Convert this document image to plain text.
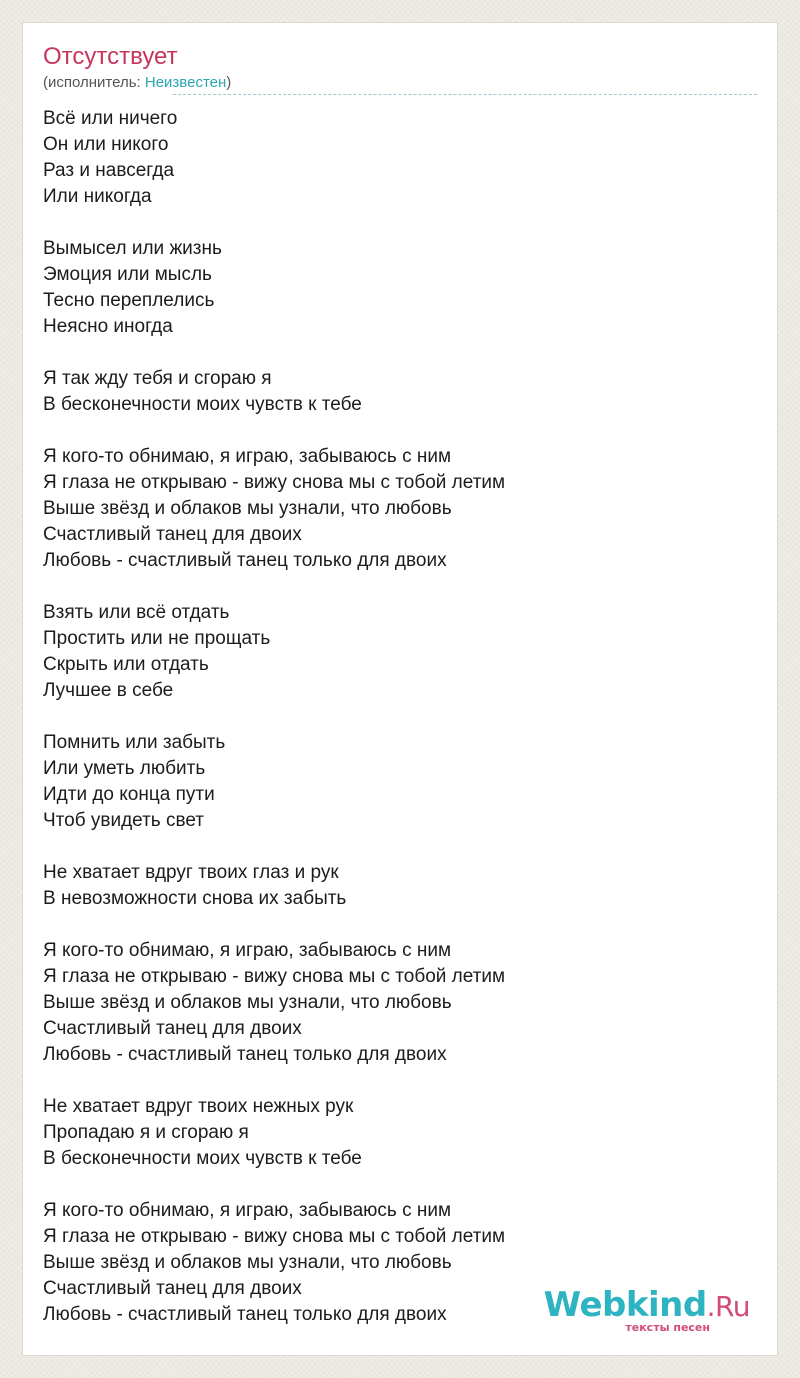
Отсутствует
(исполнитель: Неизвестен)
Всё или ничего
Он или никого
Раз и навсегда
Или никогда
Вымысел или жизнь
Эмоция или мысль
Тесно переплелись
Неясно иногда
Я так жду тебя и сгораю я
В бесконечности моих чувств к тебе
Я кого-то обнимаю, я играю, забываюсь с ним
Я глаза не открываю - вижу снова мы с тобой летим
Выше звёзд и облаков мы узнали, что любовь
Счастливый танец для двоих
Любовь - счастливый танец только для двоих
Взять или всё отдать
Простить или не прощать
Скрыть или отдать
Лучшее в себе
Помнить или забыть
Или уметь любить
Идти до конца пути
Чтоб увидеть свет
Не хватает вдруг твоих глаз и рук
В невозможности снова их забыть
Я кого-то обнимаю, я играю, забываюсь с ним
Я глаза не открываю - вижу снова мы с тобой летим
Выше звёзд и облаков мы узнали, что любовь
Счастливый танец для двоих
Любовь - счастливый танец только для двоих
Не хватает вдруг твоих нежных рук
Пропадаю я и сгораю я
В бесконечности моих чувств к тебе
Я кого-то обнимаю, я играю, забываюсь с ним
Я глаза не открываю - вижу снова мы с тобой летим
Выше звёзд и облаков мы узнали, что любовь
Счастливый танец для двоих
Любовь - счастливый танец только для двоих	Webkind.Ru
тексты песен
